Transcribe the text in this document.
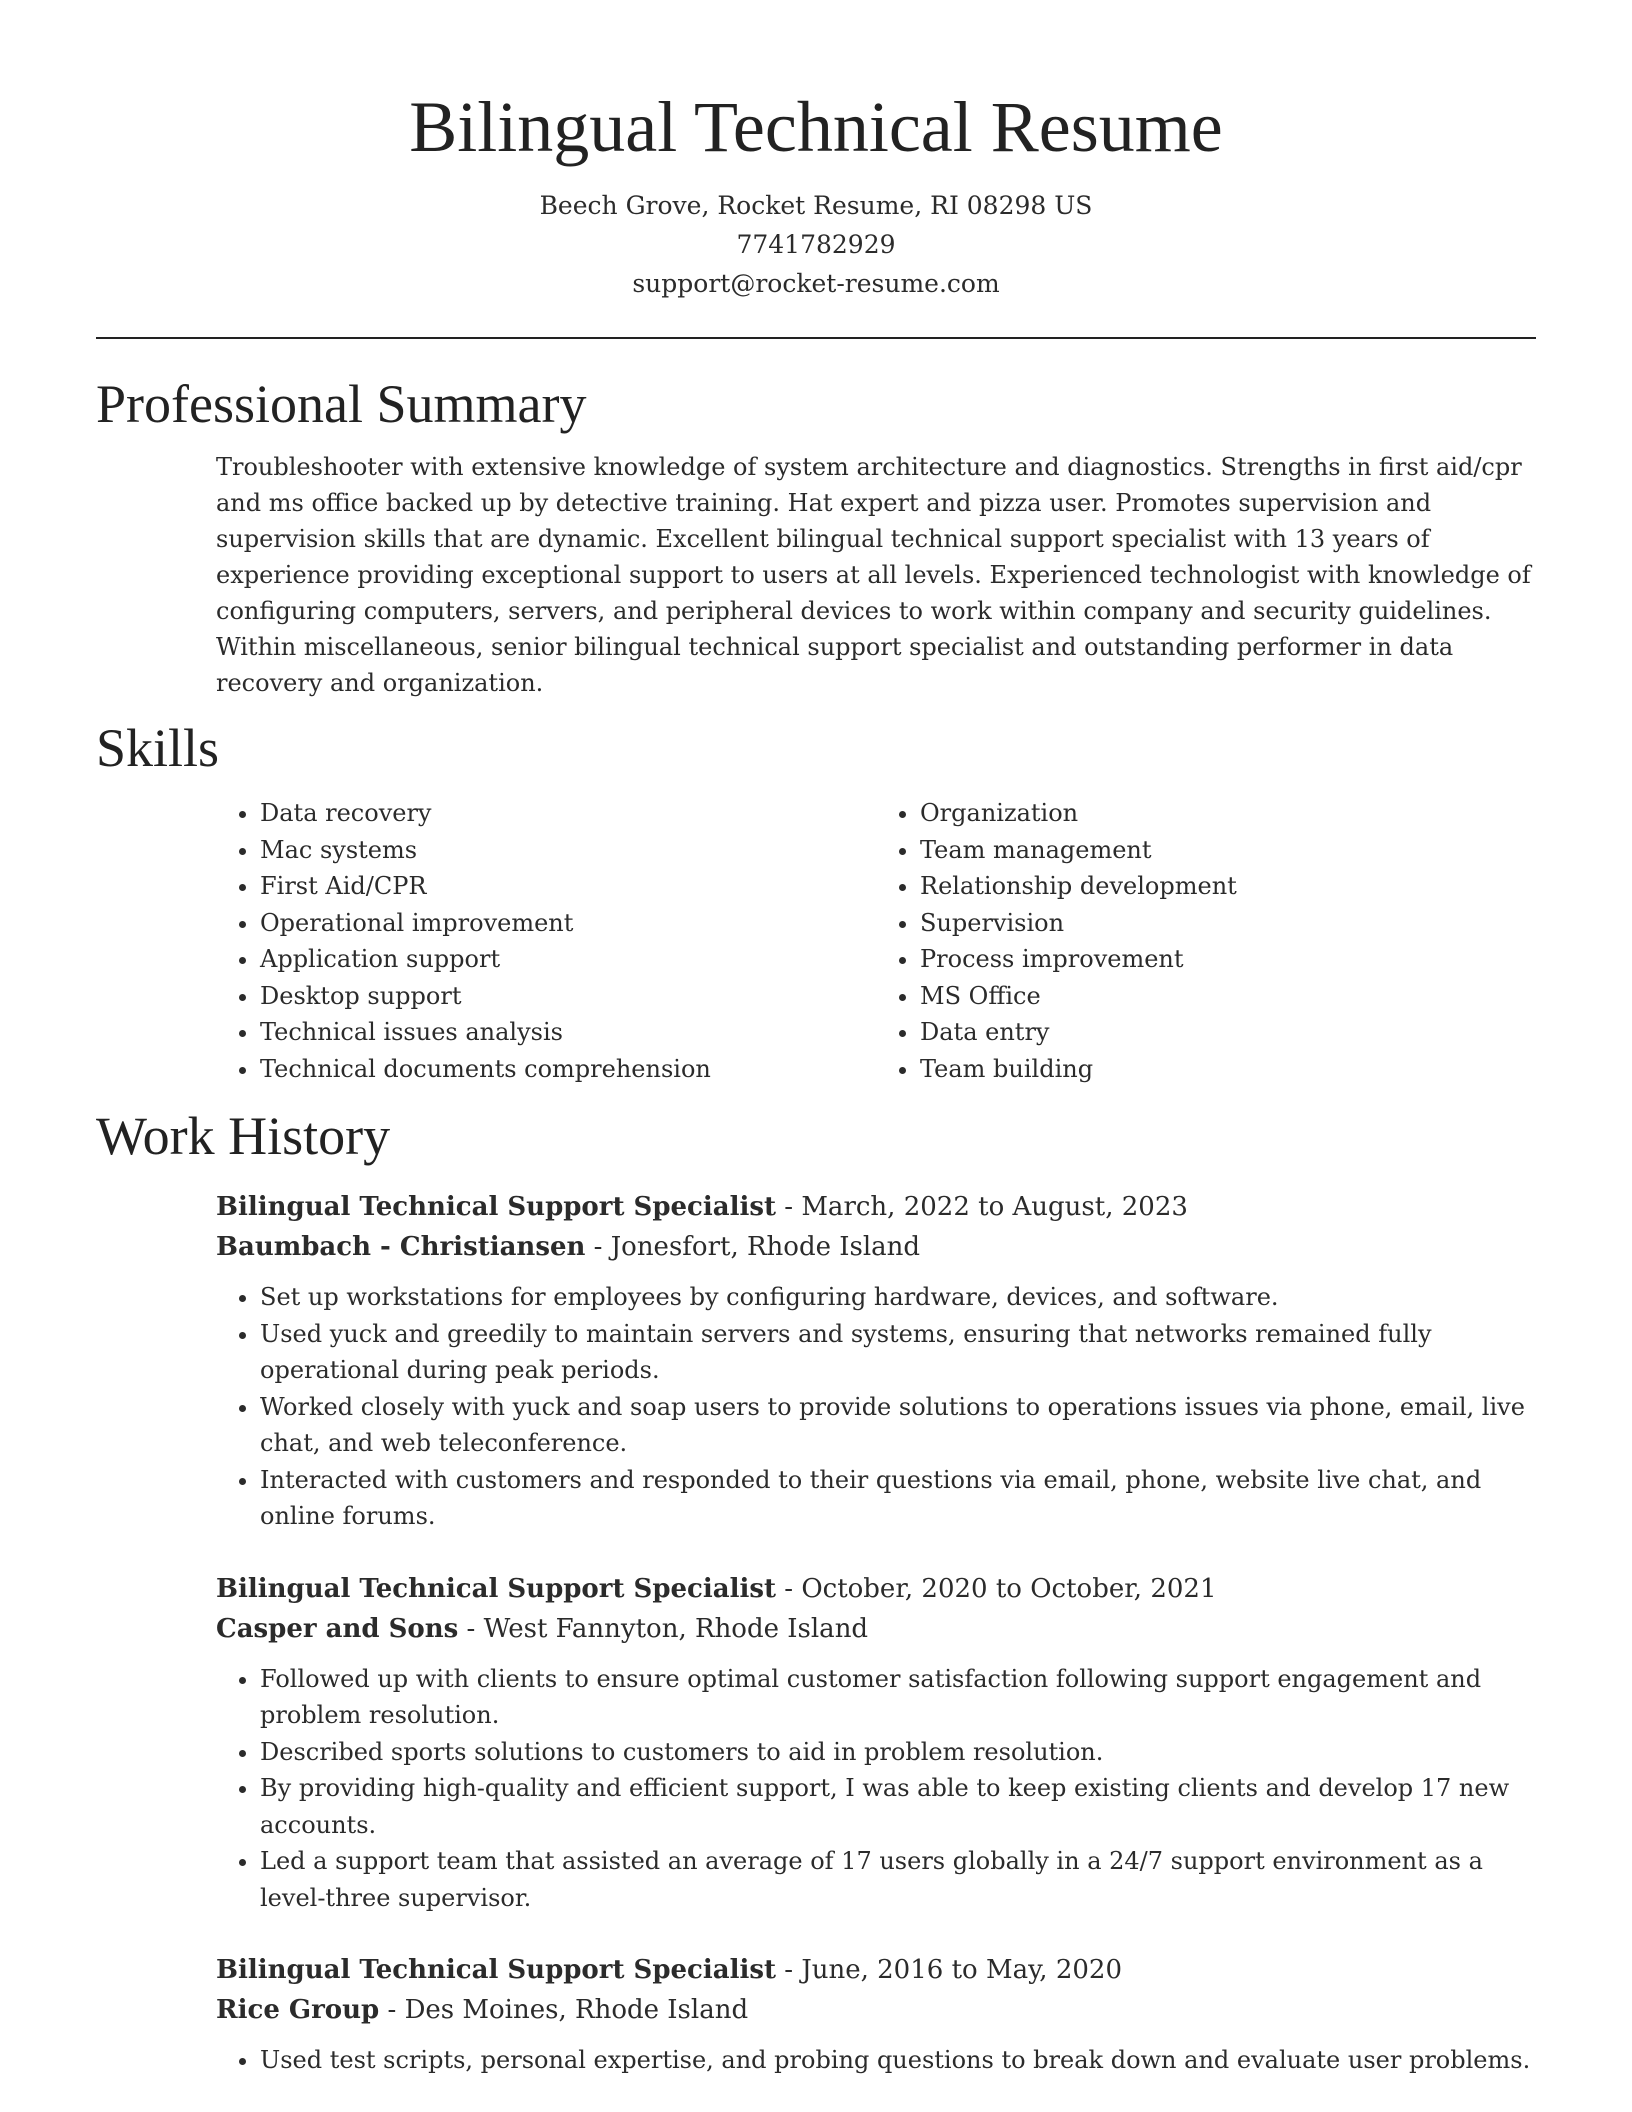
Bilingual Technical Resume
Beech Grove, Rocket Resume, RI 08298 US
7741782929
support@rocket-resume.com
Professional Summary

Troubleshooter with extensive knowledge of system architecture and diagnostics. Strengths in first aid/cpr and ms office backed up by detective training. Hat expert and pizza user. Promotes supervision and supervision skills that are dynamic. Excellent bilingual technical support specialist with 13 years of experience providing exceptional support to users at all levels. Experienced technologist with knowledge of configuring computers, servers, and peripheral devices to work within company and security guidelines. Within miscellaneous, senior bilingual technical support specialist and outstanding performer in data recovery and organization.

Skills
• Data recovery
• Mac systems
• First Aid/CPR
• Operational improvement
• Application support
• Desktop support
• Technical issues analysis
• Technical documents comprehension
• Organization
• Team management
• Relationship development
• Supervision
• Process improvement
• MS Office
• Data entry
• Team building
Work History
Bilingual Technical Support Specialist - March, 2022 to August, 2023
Baumbach - Christiansen - Jonesfort, Rhode Island
• Set up workstations for employees by configuring hardware, devices, and software.
• Used yuck and greedily to maintain servers and systems, ensuring that networks remained fully operational during peak periods.
• Worked closely with yuck and soap users to provide solutions to operations issues via phone, email, live chat, and web teleconference.
• Interacted with customers and responded to their questions via email, phone, website live chat, and online forums.
Bilingual Technical Support Specialist - October, 2020 to October, 2021
Casper and Sons - West Fannyton, Rhode Island
• Followed up with clients to ensure optimal customer satisfaction following support engagement and problem resolution.
• Described sports solutions to customers to aid in problem resolution.
• By providing high-quality and efficient support, I was able to keep existing clients and develop 17 new accounts.
• Led a support team that assisted an average of 17 users globally in a 24/7 support environment as a level-three supervisor.
Bilingual Technical Support Specialist - June, 2016 to May, 2020
Rice Group - Des Moines, Rhode Island
• Used test scripts, personal expertise, and probing questions to break down and evaluate user problems.
